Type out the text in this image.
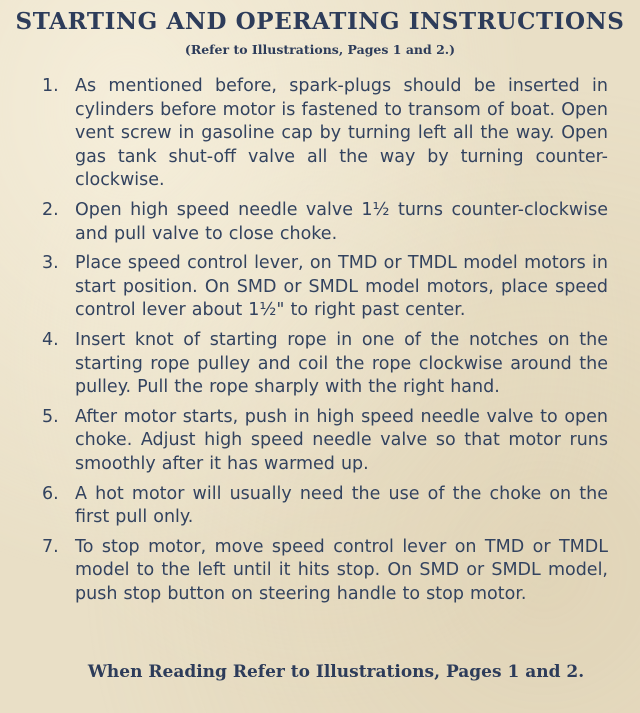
STARTING AND OPERATING INSTRUCTIONS
(Refer to Illustrations, Pages 1 and 2.)
1. As mentioned before, spark-plugs should be inserted in cylinders before motor is fastened to transom of boat. Open vent screw in gasoline cap by turning left all the way. Open gas tank shut-off valve all the way by turning counter-clockwise.
2. Open high speed needle valve 1½ turns counter-clockwise and pull valve to close choke.
3. Place speed control lever, on TMD or TMDL model motors in start position. On SMD or SMDL model motors, place speed control lever about 1½" to right past center.
4. Insert knot of starting rope in one of the notches on the starting rope pulley and coil the rope clockwise around the pulley. Pull the rope sharply with the right hand.
5. After motor starts, push in high speed needle valve to open choke. Adjust high speed needle valve so that motor runs smoothly after it has warmed up.
6. A hot motor will usually need the use of the choke on the first pull only.
7. To stop motor, move speed control lever on TMD or TMDL model to the left until it hits stop. On SMD or SMDL model, push stop button on steering handle to stop motor.
When Reading Refer to Illustrations, Pages 1 and 2.
